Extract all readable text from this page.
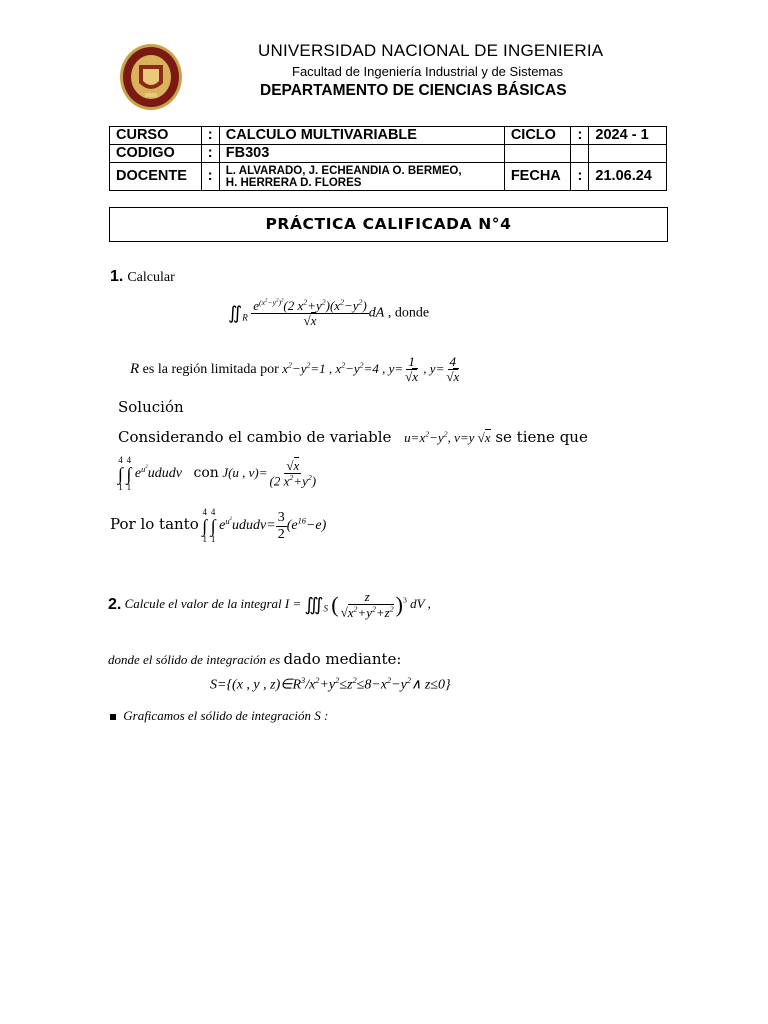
UNIVERSIDAD NACIONAL DE INGENIERIA
Facultad de Ingeniería Industrial y de Sistemas
DEPARTAMENTO DE CIENCIAS BÁSICAS
CURSO	:	CALCULO MULTIVARIABLE	CICLO	:	2024 - 1
CODIGO	:	FB303			
DOCENTE	:	L. ALVARADO, J. ECHEANDIA O. BERMEO,
H. HERRERA D. FLORES	FECHA	:	21.06.24
PRÁCTICA CALIFICADA N°4
1. Calcular
$∬_R \frac{e^{(x^2-y^2)^2}(2 x^2+y^2)(x^2-y^2)}{√x}$ dA , donde
R es la región limitada por $x^2-y^2=1$ , $x^2-y^2=4$ , $y= \frac{1}{√x}$ , $y= \frac{4}{√x}$
Solución
Considerando el cambio de variable $u=x^2-y^2$, v=y √x se tiene que
4
∫
1

4
∫
1
$e^{u^2}ududv$ con J(u , $v)= \frac{√x}{(2 x^2+y^2)}$
Por lo tanto
4
∫
1

4
∫
1
$e^{u^2}ududv= \frac{3}{2} (e^{16}-e)$
2. Calcule el valor de la integral $I = ∭_S$ ( $\frac{z}{√x^2+y^2+z^2} )^3$ dV ,
donde el sólido de integración es dado mediante:
S={(x , y , $z)\in R^3/x^2+y^2\le z^2\le 8-x^2-y^2\wedge$ z≤0}
Graficamos el sólido de integración S :
